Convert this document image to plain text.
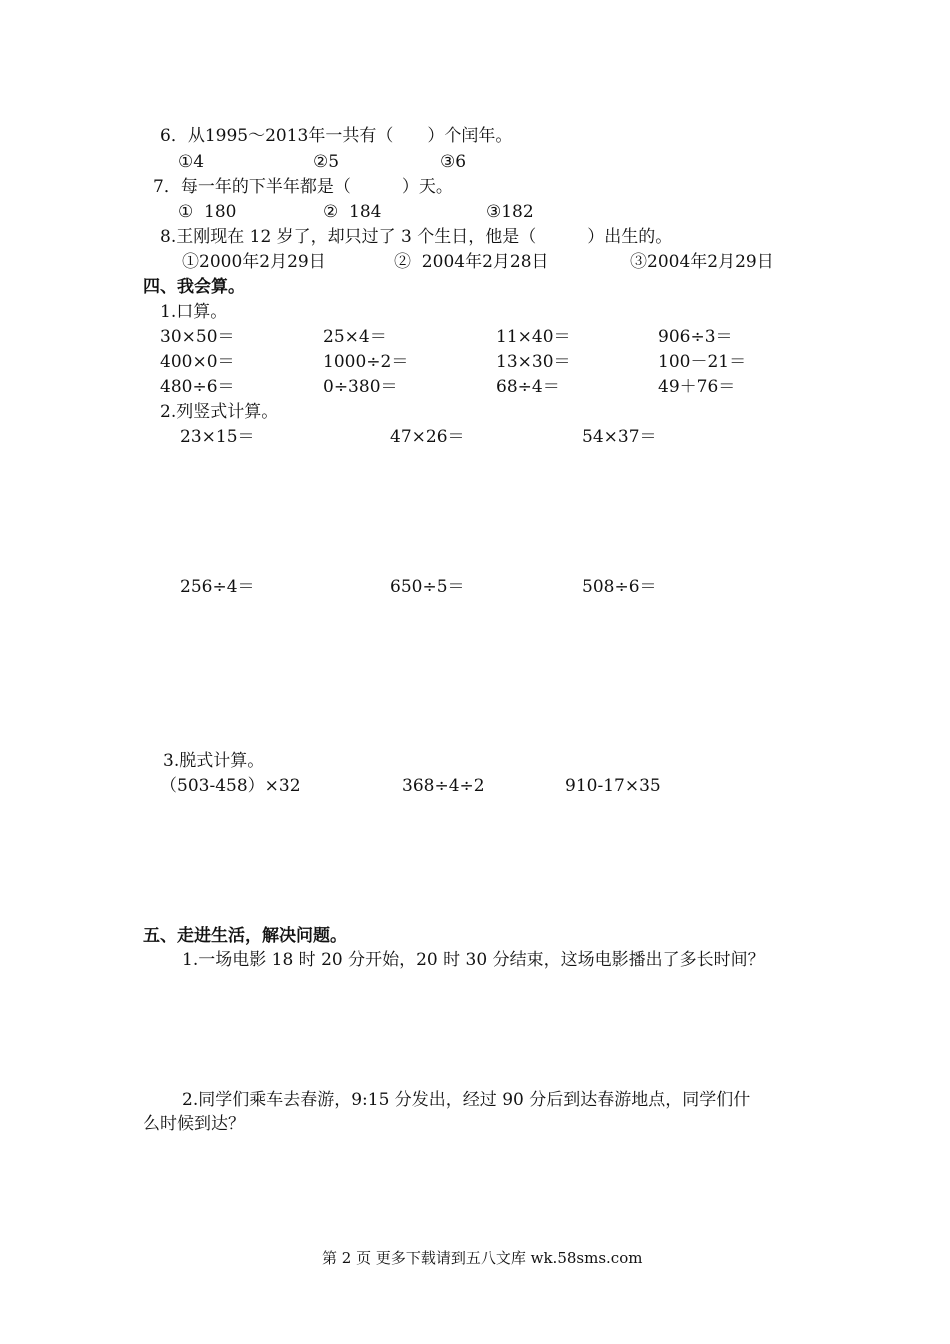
6．从1995～2013年一共有（　　）个闰年。
①4	②5	③6
7．每一年的下半年都是（　　　）天。
①  180	②  184	③182
8.王刚现在 12 岁了，却只过了 3 个生日，他是（　　　）出生的。
①2000年2月29日	②  2004年2月28日	③2004年2月29日
四、我会算。
1.口算。
30×50＝	25×4＝	11×40＝	906÷3＝
400×0＝	1000÷2＝	13×30＝	100－21＝
480÷6＝	0÷380＝	68÷4＝	49＋76＝
2.列竖式计算。
23×15＝	47×26＝	54×37＝
256÷4＝	650÷5＝	508÷6＝
3.脱式计算。
（503-458）×32	368÷4÷2	910-17×35
五、走进生活，解决问题。
1.一场电影 18 时 20 分开始，20 时 30 分结束，这场电影播出了多长时间？
2.同学们乘车去春游，9:15 分发出，经过 90 分后到达春游地点，同学们什
么时候到达？
第 2 页 更多下载请到五八文库 wk.58sms.com
